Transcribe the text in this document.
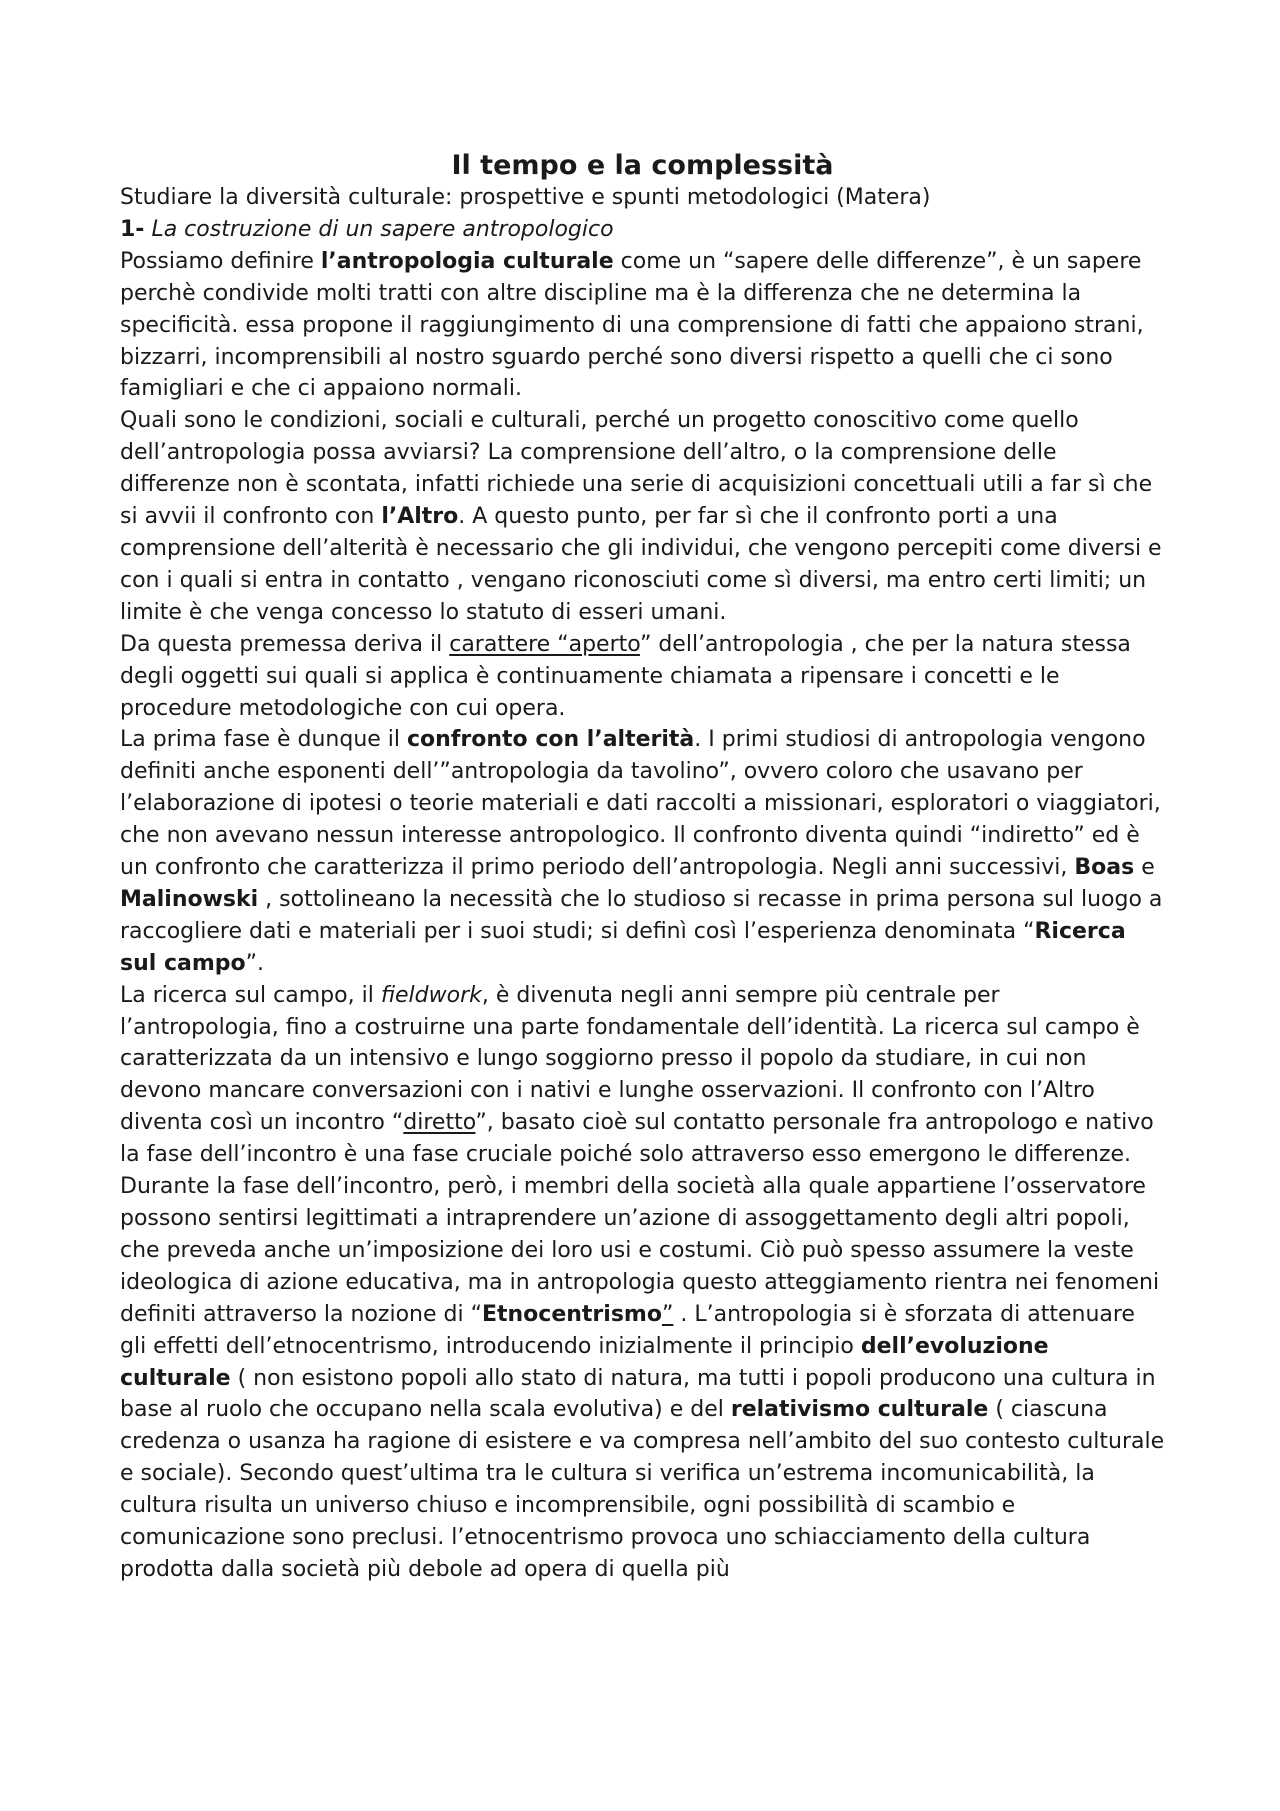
Il tempo e la complessità
Studiare la diversità culturale: prospettive e spunti metodologici (Matera)
1- La costruzione di un sapere antropologico

Possiamo definire l’antropologia culturale come un “sapere delle differenze”, è un sapere perchè condivide molti tratti con altre discipline ma è la differenza che ne determina la specificità. essa propone il raggiungimento di una comprensione di fatti che appaiono strani, bizzarri, incomprensibili al nostro sguardo perché sono diversi rispetto a quelli che ci sono famigliari e che ci appaiono normali.

Quali sono le condizioni, sociali e culturali, perché un progetto conoscitivo come quello dell’antropologia possa avviarsi? La comprensione dell’altro, o la comprensione delle differenze non è scontata, infatti richiede una serie di acquisizioni concettuali utili a far sì che si avvii il confronto con l’Altro. A questo punto, per far sì che il confronto porti a una comprensione dell’alterità è necessario che gli individui, che vengono percepiti come diversi e con i quali si entra in contatto , vengano riconosciuti come sì diversi, ma entro certi limiti; un limite è che venga concesso lo statuto di esseri umani.

Da questa premessa deriva il carattere “aperto” dell’antropologia , che per la natura stessa degli oggetti sui quali si applica è continuamente chiamata a ripensare i concetti e le procedure metodologiche con cui opera.

La prima fase è dunque il confronto con l’alterità. I primi studiosi di antropologia vengono definiti anche esponenti dell’”antropologia da tavolino”, ovvero coloro che usavano per l’elaborazione di ipotesi o teorie materiali e dati raccolti a missionari, esploratori o viaggiatori, che non avevano nessun interesse antropologico. Il confronto diventa quindi “indiretto” ed è un confronto che caratterizza il primo periodo dell’antropologia. Negli anni successivi, Boas e Malinowski , sottolineano la necessità che lo studioso si recasse in prima persona sul luogo a raccogliere dati e materiali per i suoi studi; si definì così l’esperienza denominata “Ricerca sul campo”.

La ricerca sul campo, il fieldwork, è divenuta negli anni sempre più centrale per l’antropologia, fino a costruirne una parte fondamentale dell’identità. La ricerca sul campo è caratterizzata da un intensivo e lungo soggiorno presso il popolo da studiare, in cui non devono mancare conversazioni con i nativi e lunghe osservazioni. Il confronto con l’Altro diventa così un incontro “diretto”, basato cioè sul contatto personale fra antropologo e nativo la fase dell’incontro è una fase cruciale poiché solo attraverso esso emergono le differenze.

Durante la fase dell’incontro, però, i membri della società alla quale appartiene l’osservatore possono sentirsi legittimati a intraprendere un’azione di assoggettamento degli altri popoli, che preveda anche un’imposizione dei loro usi e costumi. Ciò può spesso assumere la veste ideologica di azione educativa, ma in antropologia questo atteggiamento rientra nei fenomeni definiti attraverso la nozione di “Etnocentrismo” . L’antropologia si è sforzata di attenuare gli effetti dell’etnocentrismo, introducendo inizialmente il principio dell’evoluzione culturale ( non esistono popoli allo stato di natura, ma tutti i popoli producono una cultura in base al ruolo che occupano nella scala evolutiva) e del relativismo culturale ( ciascuna credenza o usanza ha ragione di esistere e va compresa nell’ambito del suo contesto culturale e sociale). Secondo quest’ultima tra le cultura si verifica un’estrema incomunicabilità, la cultura risulta un universo chiuso e incomprensibile, ogni possibilità di scambio e comunicazione sono preclusi. l’etnocentrismo provoca uno schiacciamento della cultura prodotta dalla società più debole ad opera di quella più
